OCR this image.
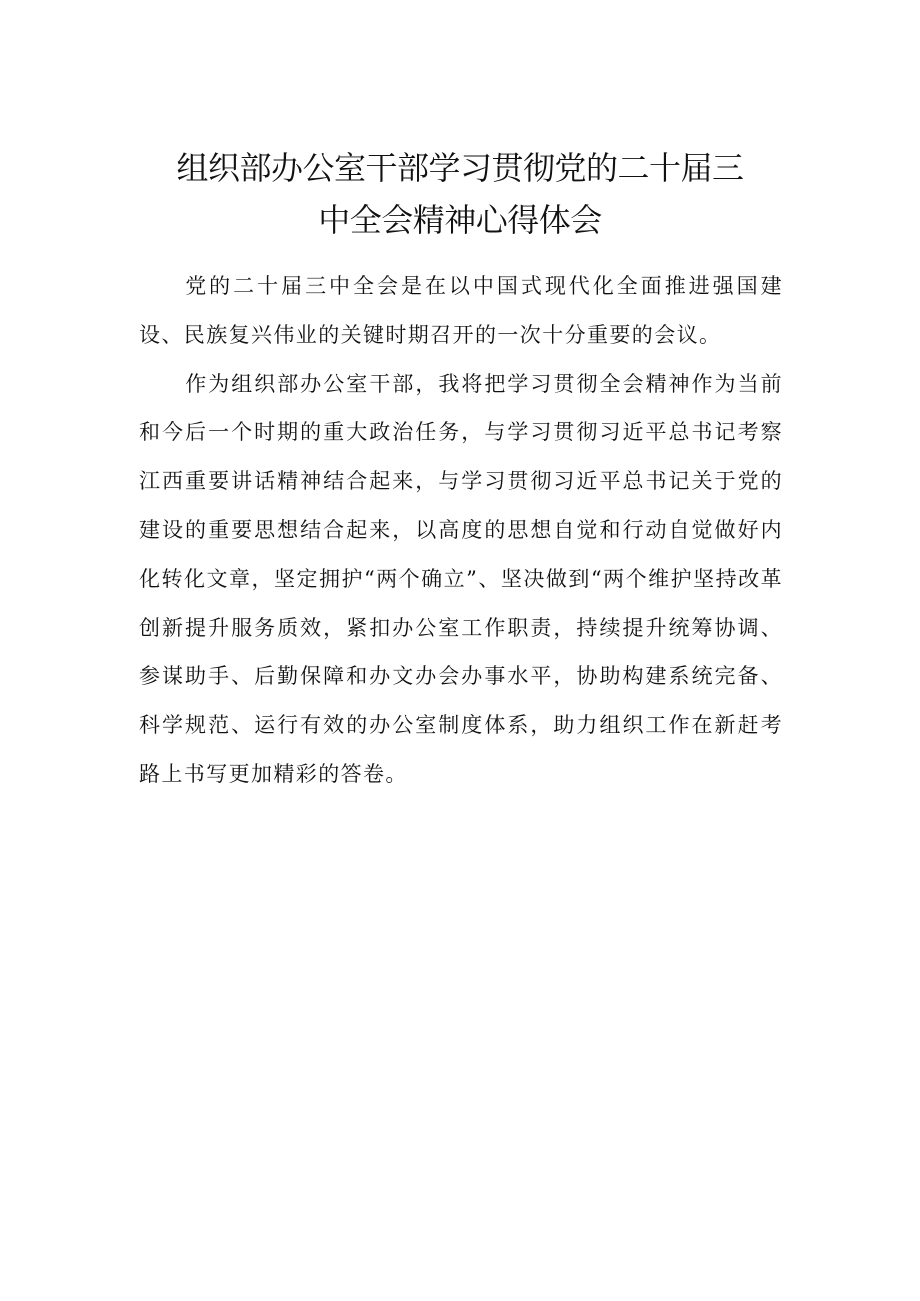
组织部办公室干部学习贯彻党的二十届三
中全会精神心得体会

党的二十届三中全会是在以中国式现代化全面推进强国建设、民族复兴伟业的关键时期召开的一次十分重要的会议。

作为组织部办公室干部，我将把学习贯彻全会精神作为当前和今后一个时期的重大政治任务，与学习贯彻习近平总书记考察江西重要讲话精神结合起来，与学习贯彻习近平总书记关于党的建设的重要思想结合起来，以高度的思想自觉和行动自觉做好内化转化文章，坚定拥护“两个确立”、坚决做到“两个维护坚持改革创新提升服务质效，紧扣办公室工作职责，持续提升统筹协调、参谋助手、后勤保障和办文办会办事水平，协助构建系统完备、科学规范、运行有效的办公室制度体系，助力组织工作在新赶考路上书写更加精彩的答卷。
